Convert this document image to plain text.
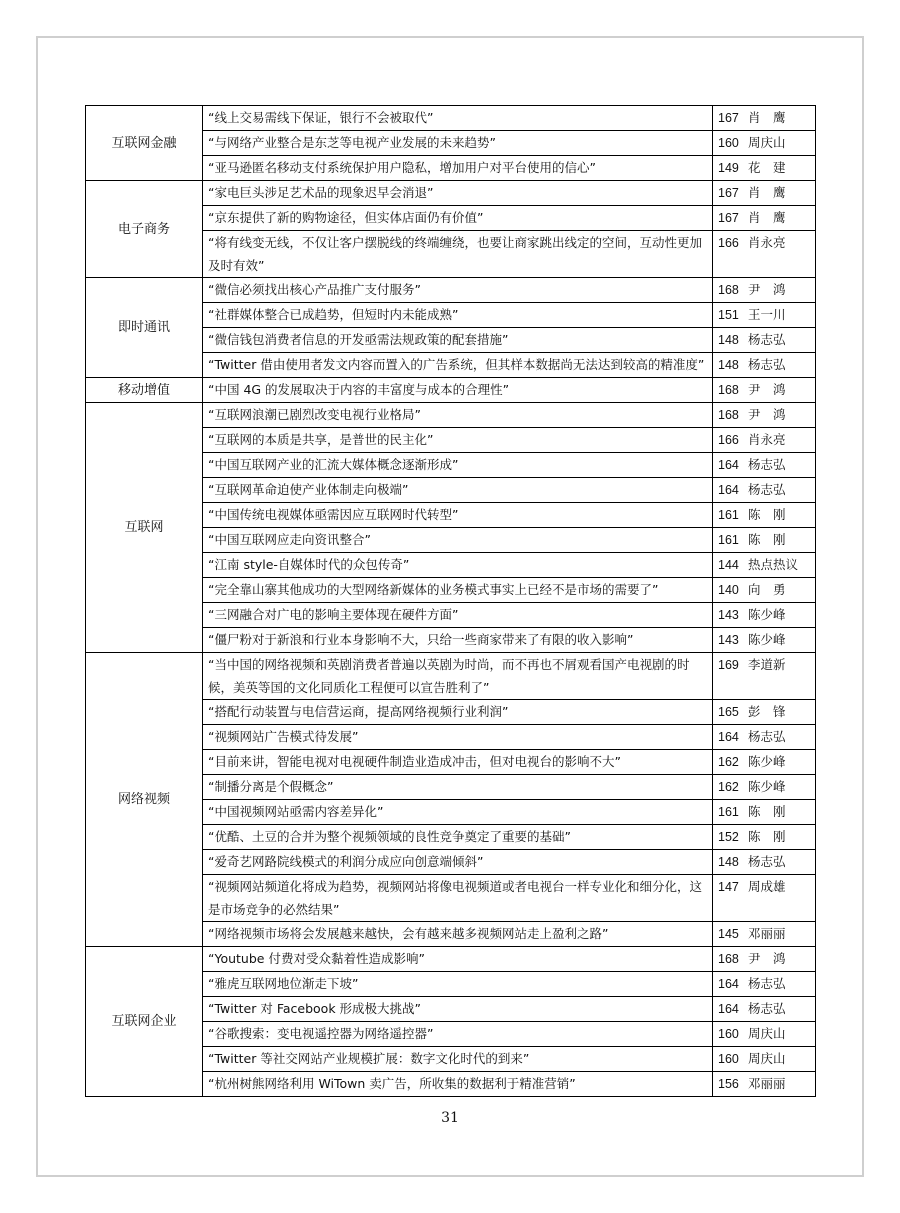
互联网金融	“线上交易需线下保证，银行不会被取代”	167 肖　鹰
	“与网络产业整合是东芝等电视产业发展的未来趋势”	160 周庆山
	“亚马逊匿名移动支付系统保护用户隐私，增加用户对平台使用的信心”	149 花　建
电子商务	“家电巨头涉足艺术品的现象迟早会消退”	167 肖　鹰
	“京东提供了新的购物途径，但实体店面仍有价值”	167 肖　鹰
	“将有线变无线，不仅让客户摆脱线的终端缠绕，也要让商家跳出线定的空间，互动性更加及时有效”	166 肖永亮
即时通讯	“微信必须找出核心产品推广支付服务”	168 尹　鸿
	“社群媒体整合已成趋势，但短时内未能成熟”	151 王一川
	“微信钱包消费者信息的开发亟需法规政策的配套措施”	148 杨志弘
	“Twitter 借由使用者发文内容而置入的广告系统，但其样本数据尚无法达到较高的精准度”	148 杨志弘
移动增值	“中国 4G 的发展取决于内容的丰富度与成本的合理性”	168 尹　鸿
互联网	“互联网浪潮已剧烈改变电视行业格局”	168 尹　鸿
	“互联网的本质是共享，是普世的民主化”	166 肖永亮
	“中国互联网产业的汇流大媒体概念逐渐形成”	164 杨志弘
	“互联网革命迫使产业体制走向极端”	164 杨志弘
	“中国传统电视媒体亟需因应互联网时代转型”	161 陈　刚
	“中国互联网应走向资讯整合”	161 陈　刚
	“江南 style-自媒体时代的众包传奇”	144 热点热议
	“完全靠山寨其他成功的大型网络新媒体的业务模式事实上已经不是市场的需要了”	140 向　勇
	“三网融合对广电的影响主要体现在硬件方面”	143 陈少峰
	“僵尸粉对于新浪和行业本身影响不大，只给一些商家带来了有限的收入影响”	143 陈少峰
网络视频	“当中国的网络视频和英剧消费者普遍以英剧为时尚，而不再也不屑观看国产电视剧的时候，美英等国的文化同质化工程便可以宣告胜利了”	169 李道新
	“搭配行动装置与电信营运商，提高网络视频行业利润”	165 彭　锋
	“视频网站广告模式待发展”	164 杨志弘
	“目前来讲，智能电视对电视硬件制造业造成冲击，但对电视台的影响不大”	162 陈少峰
	“制播分离是个假概念”	162 陈少峰
	“中国视频网站亟需内容差异化”	161 陈　刚
	“优酷、土豆的合并为整个视频领域的良性竞争奠定了重要的基础”	152 陈　刚
	“爱奇艺网路院线模式的利润分成应向创意端倾斜”	148 杨志弘
	“视频网站频道化将成为趋势，视频网站将像电视频道或者电视台一样专业化和细分化，这是市场竞争的必然结果”	147 周成雄
	“网络视频市场将会发展越来越快，会有越来越多视频网站走上盈利之路”	145 邓丽丽
互联网企业	“Youtube 付费对受众黏着性造成影响”	168 尹　鸿
	“雅虎互联网地位渐走下坡”	164 杨志弘
	“Twitter 对 Facebook 形成极大挑战”	164 杨志弘
	“谷歌搜索：变电视遥控器为网络遥控器”	160 周庆山
	“Twitter 等社交网站产业规模扩展：数字文化时代的到来”	160 周庆山
	“杭州树熊网络利用 WiTown 卖广告，所收集的数据利于精准营销”	156 邓丽丽
31
